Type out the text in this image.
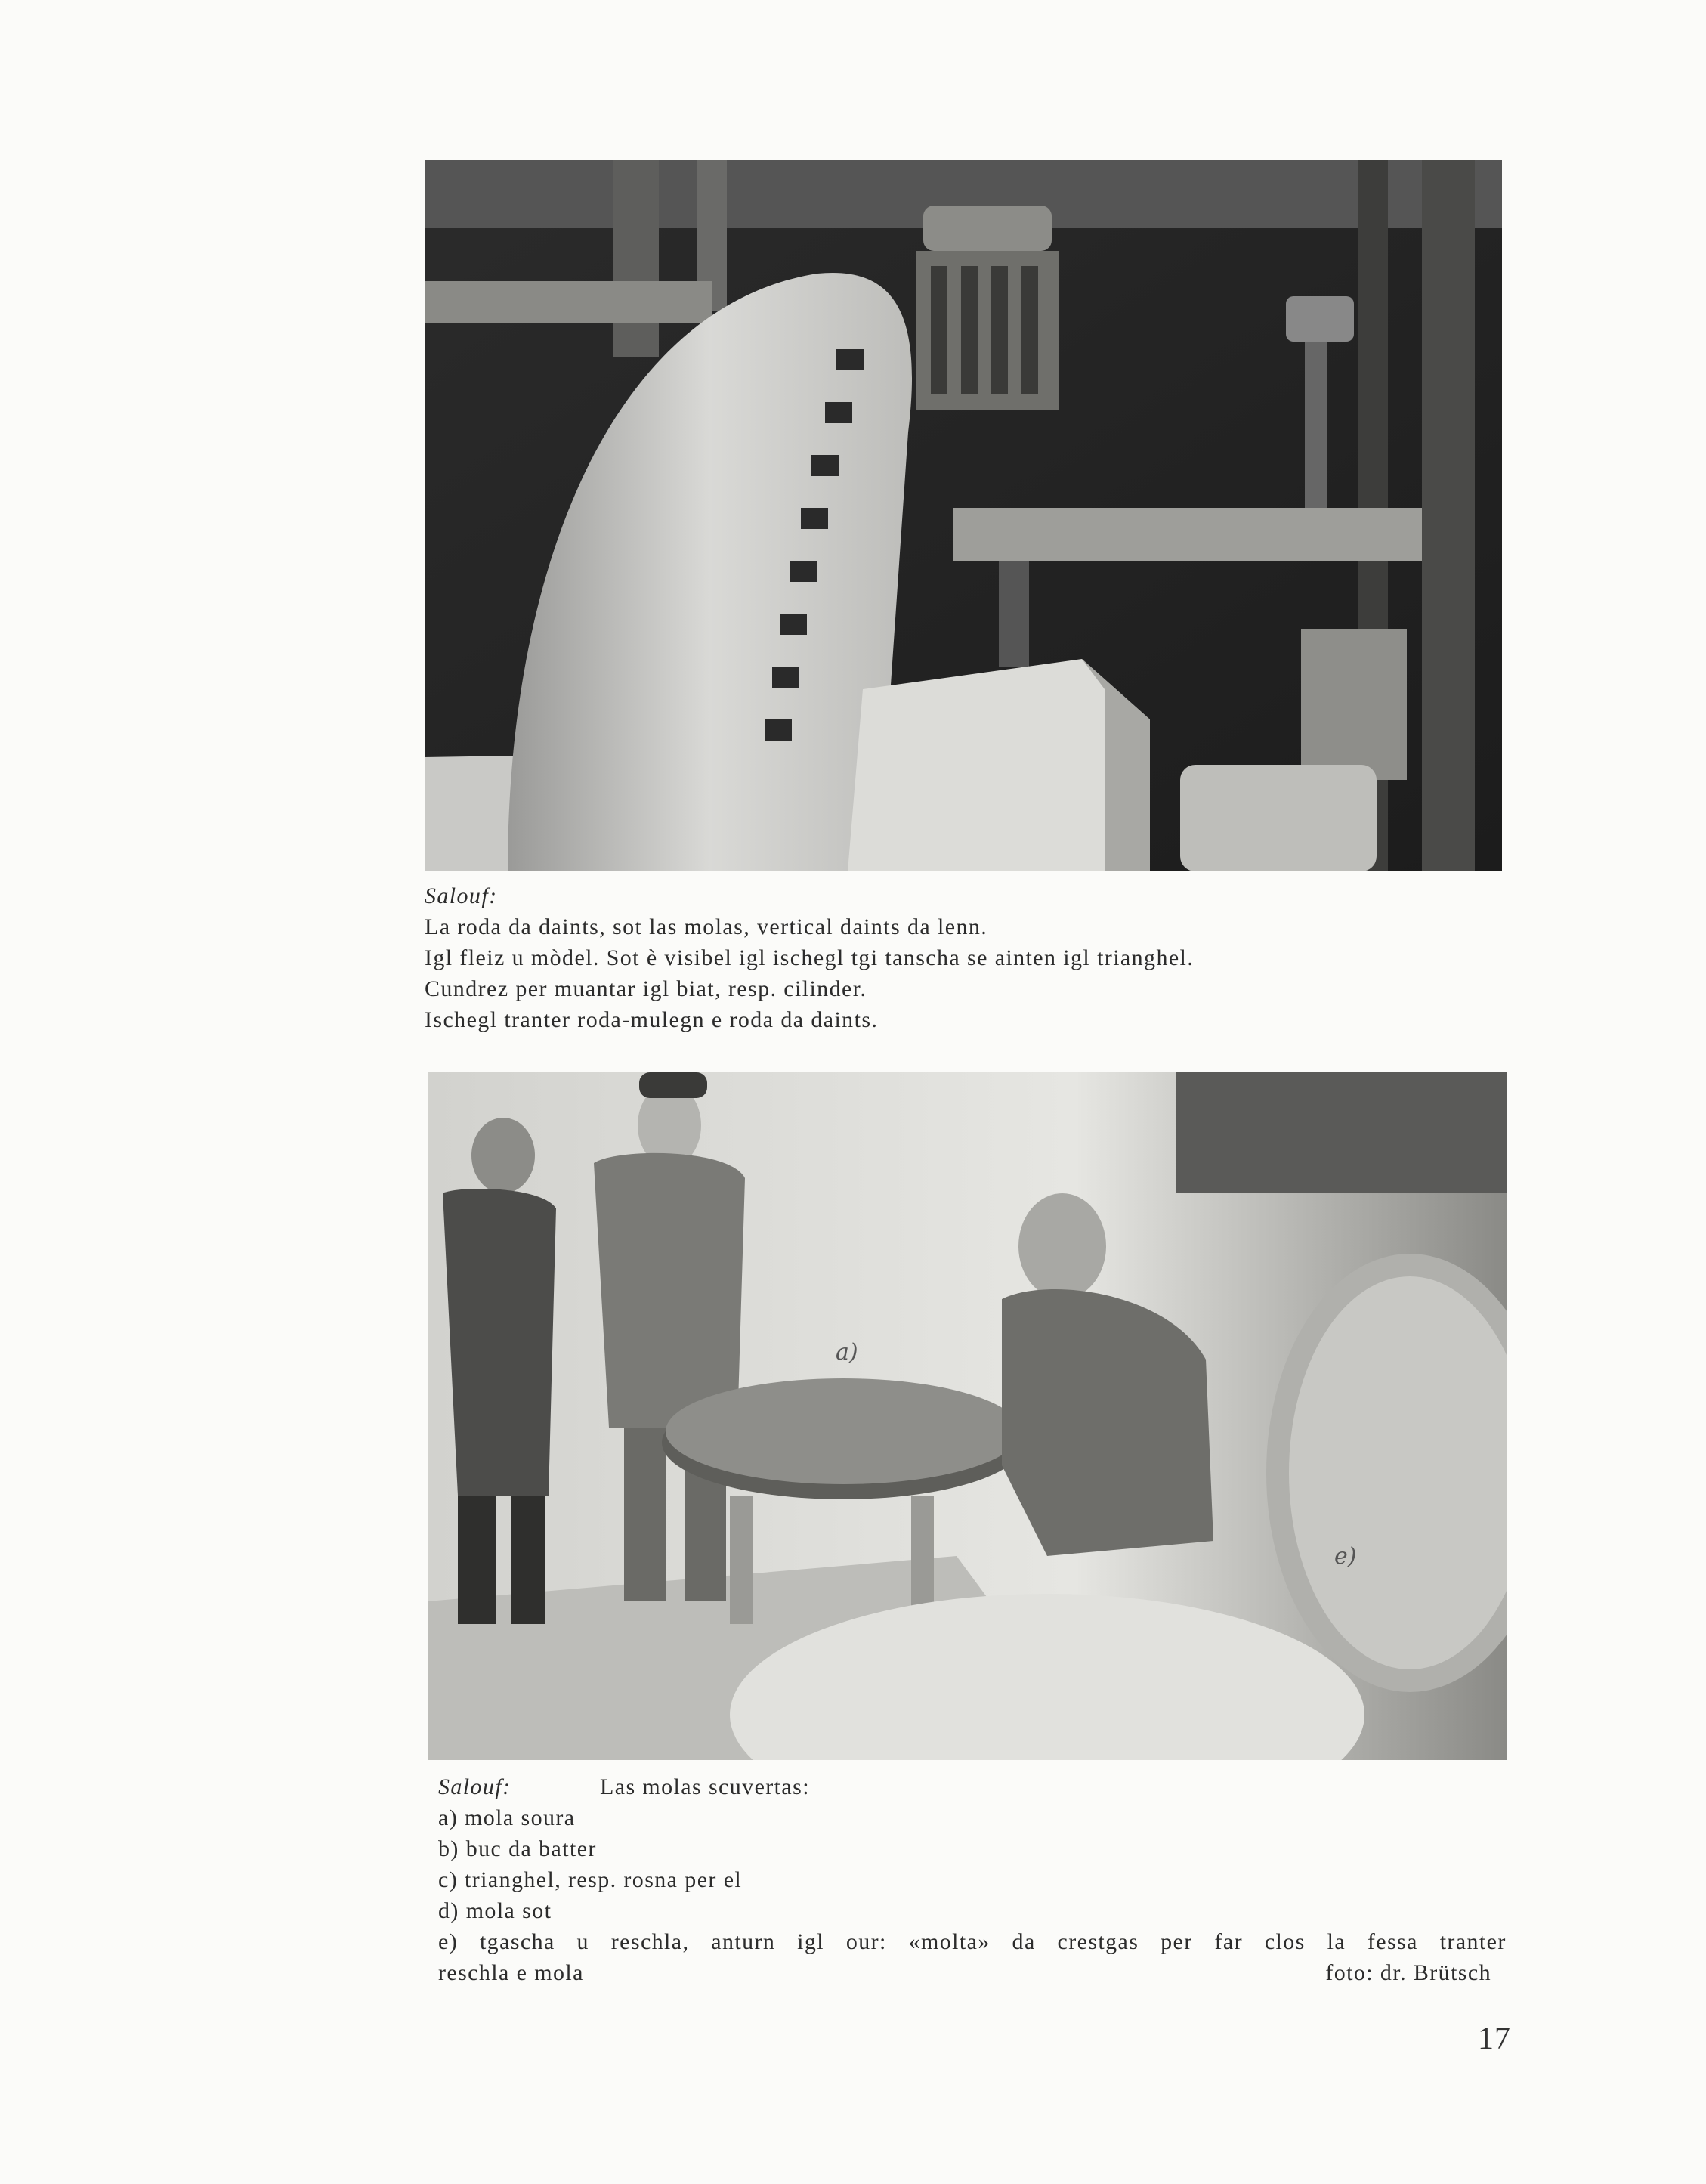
Salouf:
La roda da daints, sot las molas, vertical daints da lenn.
Igl fleiz u mòdel. Sot è visibel igl ischegl tgi tanscha se ainten igl trianghel.
Cundrez per muantar igl biat, resp. cilinder.
Ischegl tranter roda-mulegn e roda da daints.
a)
e)
Salouf:	Las molas scuvertas:
a) mola soura
b) buc da batter
c) trianghel, resp. rosna per el
d) mola sot
e) tgascha u reschla, anturn igl our: «molta» da crestgas per far clos la fessa tranter
reschla e mola	foto: dr. Brütsch
17
